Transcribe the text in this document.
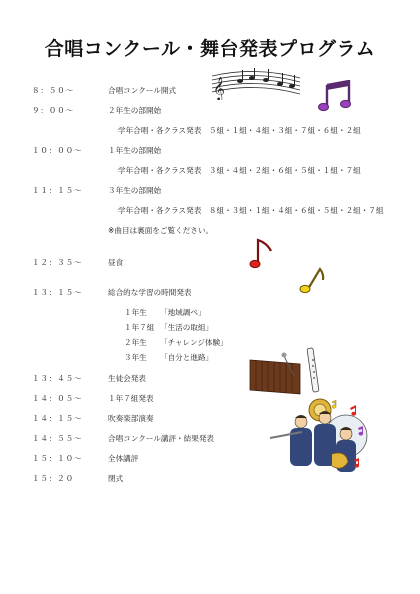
合唱コンクール・舞台発表プログラム
８：５０～	合唱コンクール開式
９：００～	２年生の部開始
学年合唱・各クラス発表　５組・１組・４組・３組・７組・６組・２組
１０：００～	１年生の部開始
学年合唱・各クラス発表　３組・４組・２組・６組・５組・１組・７組
１１：１５～	３年生の部開始
学年合唱・各クラス発表　８組・３組・１組・４組・６組・５組・２組・７組
※曲目は裏面をご覧ください。
１２：３５～	昼食
１３：１５～	総合的な学習の時間発表
１年生 「地域調べ」
１年７組 「生活の取組」
２年生 「チャレンジ体験」
３年生 「自分と進路」
１３：４５～	生徒会発表
１４：０５～	１年７組発表
１４：１５～	吹奏楽部演奏
１４：５５～	合唱コンクール講評・結果発表
１５：１０～	全体講評
１５：２０	閉式
𝄞
